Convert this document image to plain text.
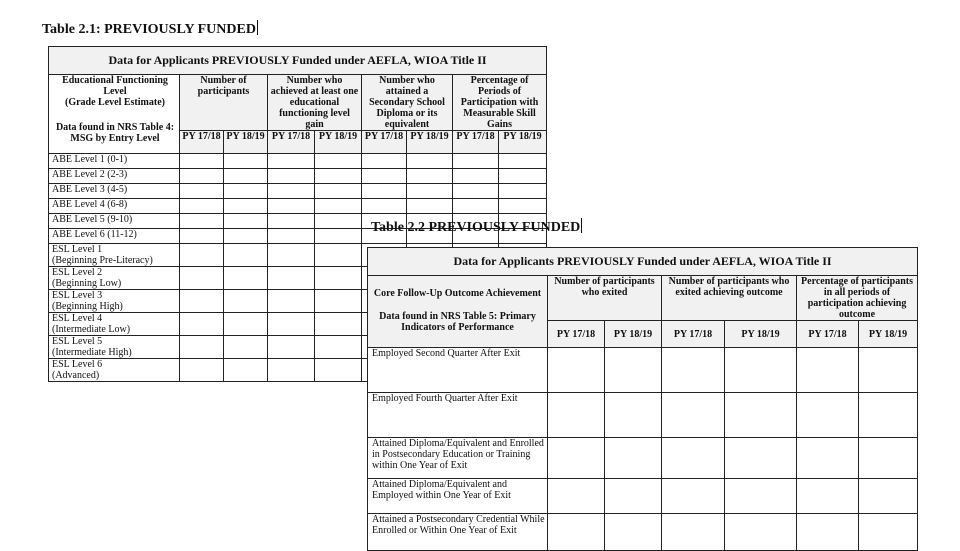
Table 2.1: PREVIOUSLY FUNDED
Data for Applicants PREVIOUSLY Funded under AEFLA, WIOA Title II								

Educational Functioning Level
(Grade Level Estimate)
Data found in NRS Table 4: MSG by Entry Level	Number of participants		Number who achieved at least one educational functioning level gain		Number who attained a Secondary School Diploma or its equivalent		Percentage of Periods of Participation with Measurable Skill Gains	
	PY 17/18	PY 18/19	PY 17/18	PY 18/19	PY 17/18	PY 18/19	PY 17/18	PY 18/19

ABE Level 1 (0-1)								

ABE Level 2 (2-3)								

ABE Level 3 (4-5)								

ABE Level 4 (6-8)								

ABE Level 5 (9-10)								

ABE Level 6 (11-12)								

ESL Level 1
(Beginning Pre-Literacy)								

ESL Level 2
(Beginning Low)								

ESL Level 3
(Beginning High)								

ESL Level 4
(Intermediate Low)								

ESL Level 5
(Intermediate High)								

ESL Level 6
(Advanced)								

Table 2.2 PREVIOUSLY FUNDED
Data for Applicants PREVIOUSLY Funded under AEFLA, WIOA Title II						

Core Follow-Up Outcome Achievement
Data found in NRS Table 5: Primary Indicators of Performance	Number of participants who exited		Number of participants who exited achieving outcome		Percentage of participants in all periods of participation achieving outcome	
	PY 17/18	PY 18/19	PY 17/18	PY 18/19	PY 17/18	PY 18/19
Employed Second Quarter After Exit						
Employed Fourth Quarter After Exit						
Attained Diploma/Equivalent and Enrolled in Postsecondary Education or Training within One Year of Exit						
Attained Diploma/Equivalent and Employed within One Year of Exit						
Attained a Postsecondary Credential While Enrolled or Within One Year of Exit						
